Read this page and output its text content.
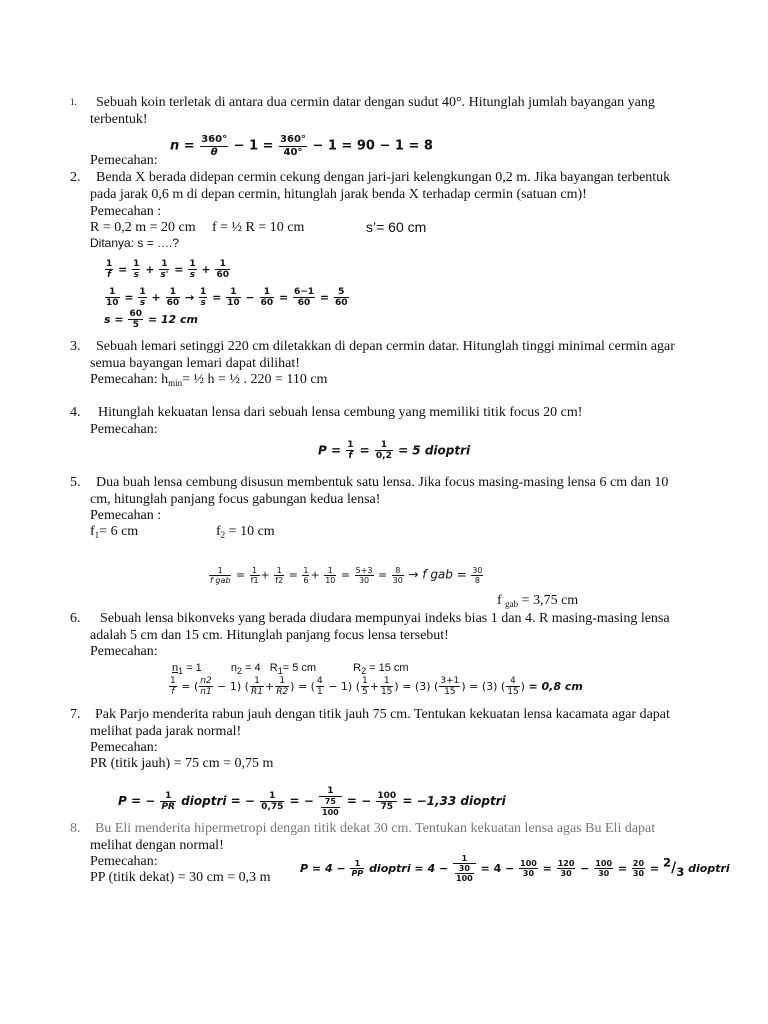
1. Sebuah koin terletak di antara dua cermin datar dengan sudut 40°. Hitunglah jumlah bayangan yang
terbentuk!
Pemecahan:
$n = \frac{360^\circ}{\theta} - 1 = \frac{360^\circ}{40^\circ} - 1 = 90 - 1 = 8$
2. Benda X berada didepan cermin cekung dengan jari-jari kelengkungan 0,2 m. Jika bayangan terbentuk
pada jarak 0,6 m di depan cermin, hitunglah jarak benda X terhadap cermin (satuan cm)!
Pemecahan :
R = 0,2 m = 20 cm f = ½ R = 10 cm	s’= 60 cm
Ditanya: s = ….?
$\frac{1}{f} = \frac{1}{s} + \frac{1}{s'} = \frac{1}{s} + \frac{1}{60}$
$\frac{1}{10} = \frac{1}{s} + \frac{1}{60} \to \frac{1}{s} = \frac{1}{10} - \frac{1}{60} = \frac{6-1}{60} = \frac{5}{60}$
$s = \frac{60}{5} = 12$ cm
3. Sebuah lemari setinggi 220 cm diletakkan di depan cermin datar. Hitunglah tinggi minimal cermin agar
semua bayangan lemari dapat dilihat!
Pemecahan: $h_{min}=$ ½ h = ½ . 220 = 110 cm
4. Hitunglah kekuatan lensa dari sebuah lensa cembung yang memiliki titik focus 20 cm!
Pemecahan:
$P = \frac{1}{f} = \frac{1}{0,2} = 5$ dioptri
5. Dua buah lensa cembung disusun membentuk satu lensa. Jika focus masing-masing lensa 6 cm dan 10
cm, hitunglah panjang focus gabungan kedua lensa!
Pemecahan :
$f_1= 6$ cm	$f_2 = 10$ cm
$\frac{1}{\text{f gab}} = \frac{1}{f1} + \frac{1}{f2} = \frac{1}{6} + \frac{1}{10} = \frac{5+3}{30} = \frac{8}{30} \to f$ gab = $\frac{30}{8}$
f $_{gab}$ = 3,75 cm
6. Sebuah lensa bikonveks yang berada diudara mempunyai indeks bias 1 dan 4. R masing-masing lensa
adalah 5 cm dan 15 cm. Hitunglah panjang focus lensa tersebut!
Pemecahan:
$n_1 = 1$	$n_2 = 4$ $R_1= 5$ cm	$R_2 = 15$ cm
$\frac{1}{f}$ = ( $\frac{n2}{n1} - 1$) ( $\frac{1}{R1} + \frac{1}{R2}$ ) = ( $\frac{4}{1} - 1$) ( $\frac{1}{5} + \frac{1}{15}$ ) = (3) ( $\frac{3+1}{15}$ ) = (3) ( $\frac{4}{15}$ ) = 0,8 cm
7. Pak Parjo menderita rabun jauh dengan titik jauh 75 cm. Tentukan kekuatan lensa kacamata agar dapat
melihat pada jarak normal!
Pemecahan:
PR (titik jauh) = 75 cm = 0,75 m
P = − $\frac{1}{PR}$ dioptri = − $\frac{1}{0,75}$ = − $\frac{1}{\frac{75}{100}}$ = − $\frac{100}{75} = -1,33$ dioptri
8. Bu Eli menderita hipermetropi dengan titik dekat 30 cm. Tentukan kekuatan lensa agas Bu Eli dapat
melihat dengan normal!
Pemecahan:
PP (titik dekat) = 30 cm = 0,3 m
$P = 4 - \frac{1}{PP}$ dioptri = $4 - \frac{1}{\frac{30}{100}} = 4 - \frac{100}{30} = \frac{120}{30} - \frac{100}{30} = \frac{20}{30} = ^2/_3$ dioptri
